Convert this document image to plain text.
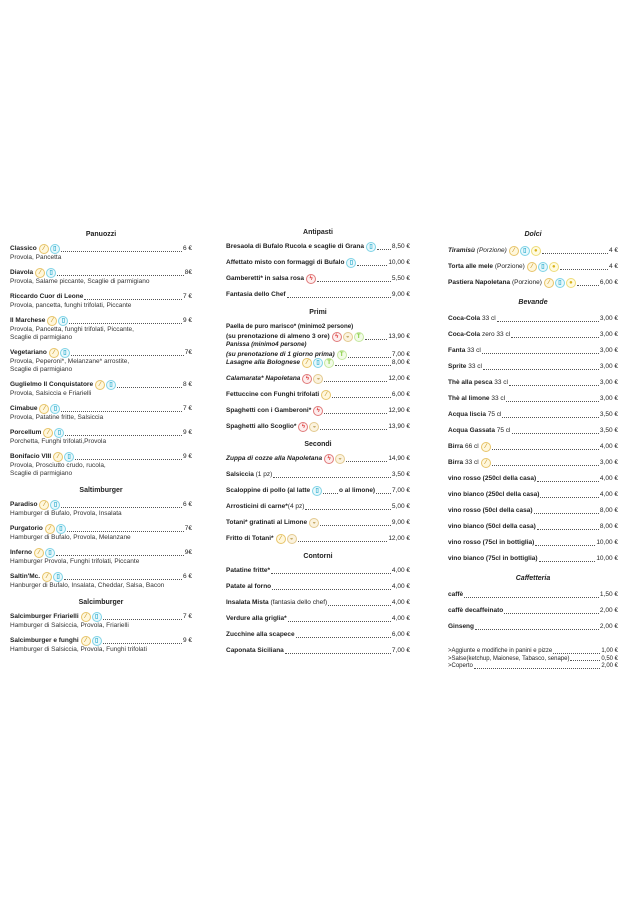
Panuozzi
Classico	⁄	▯	6 €
Provola, Pancetta
Diavola	⁄	▯	8€
Provola, Salame piccante, Scaglie di parmigiano
Riccardo Cuor di Leone	7 €
Provola, pancetta, funghi trifolati, Piccante
Il Marchese	⁄	▯	9 €
Provola, Pancetta, funghi trifolati, Piccante,
Scaglie di parmigiano
Vegetariano	⁄	▯	7€
Provola, Peperoni*, Melanzane* arrostite,
Scaglie di parmigiano
Guglielmo Il Conquistatore	⁄	▯	8 €
Provola, Salsiccia e Friarielli
Cimabue	⁄	▯	7 €
Provola, Patatine fritte, Salsiccia
Porcellum	⁄	▯	9 €
Porchetta, Funghi trifolati,Provola
Bonifacio VIII	⁄	▯	9 €
Provola, Prosciutto crudo, rucola,
Scaglie di parmigiano
Saltimburger
Paradiso	⁄	▯	6 €
Hamburger di Bufalo, Provola, Insalata
Purgatorio	⁄	▯	7€
Hamburger di Bufalo, Provola, Melanzane
Inferno	⁄	▯	9€
Hamburger Provola, Funghi trifolati, Piccante
Saltin'Mc.	⁄	▯	6 €
Hanburger di Bufalo, Insalata, Cheddar, Salsa, Bacon
Salcimburger
Salcimburger Friarielli	⁄	▯	7 €
Hamburger di Salsiccia, Provola, Friarielli
Salcimburger e funghi	⁄	▯	9 €
Hamburger di Salsiccia, Provola, Funghi trifolati
Antipasti
Bresaola di Bufalo Rucola e scaglie di Grana ▯	8,50 €
Affettato misto con formaggi di Bufalo ▯	10,00 €
Gamberetti* in salsa rosa ϟ	5,50 €
Fantasia dello Chef	9,00 €
Primi
Paella de puro marisco* (minimo2 persone)
(su prenotazione di almeno 3 ore) ϟ	◒	T	13,90 €
Panissa (minimo4 persone)
(su prenotazione di 1 giorno prima) T	7,00 €
Lasagne alla Bolognese	⁄	▯	T	8,00 €
Calamarata* Napoletana ϟ	◒	12,00 €
Fettuccine con Funghi trifolati	⁄	6,00 €
Spaghetti con i Gamberoni* ϟ	12,90 €
Spaghetti allo Scoglio* ϟ	◒	13,90 €
Secondi
Zuppa di cozze alla Napoletana ϟ	◒	14,90 €
Salsiccia (1 pz)	3,50 €
Scaloppine di pollo (al latte ▯	o al limone)	7,00 €
Arrosticini di carne*(4 pz)	5,00 €
Totani* gratinati al Limone ◒	9,00 €
Fritto di Totani*	⁄	◒	12,00 €
Contorni
Patatine fritte*	4,00 €
Patate al forno	4,00 €
Insalata Mista (fantasia dello chef)	4,00 €
Verdure alla griglia*	4,00 €
Zucchine alla scapece	6,00 €
Caponata Siciliana	7,00 €
Dolci
Tiramisù (Porzione)	⁄	▯	●	4 €
Torta alle mele (Porzione)	⁄	▯	●	4 €
Pastiera Napoletana (Porzione)	⁄	▯	●	6,00 €
Bevande
Coca-Cola 33 cl	3,00 €
Coca-Cola zero 33 cl	3,00 €
Fanta 33 cl	3,00 €
Sprite 33 cl	3,00 €
Thè alla pesca 33 cl	3,00 €
Thè al limone 33 cl	3,00 €
Acqua liscia 75 cl	3,50 €
Acqua Gassata 75 cl	3,50 €
Birra 66 cl	⁄	4,00 €
Birra 33 cl	⁄	3,00 €
vino rosso (250cl della casa)	4,00 €
vino bianco (250cl della casa)	4,00 €
vino rosso (50cl della casa)	8,00 €
vino bianco (50cl della casa)	8,00 €
vino rosso (75cl in bottiglia)	10,00 €
vino bianco (75cl in bottiglia)	10,00 €
Caffetteria
caffè	1,50 €
caffè decaffeinato	2,00 €
Ginseng	2,00 €
>Aggiunte e modifiche in panini e pizze	1,00 €
>Salse(ketchup, Maionese, Tabasco, senape)	0,50 €
>Coperto	2,00 €
